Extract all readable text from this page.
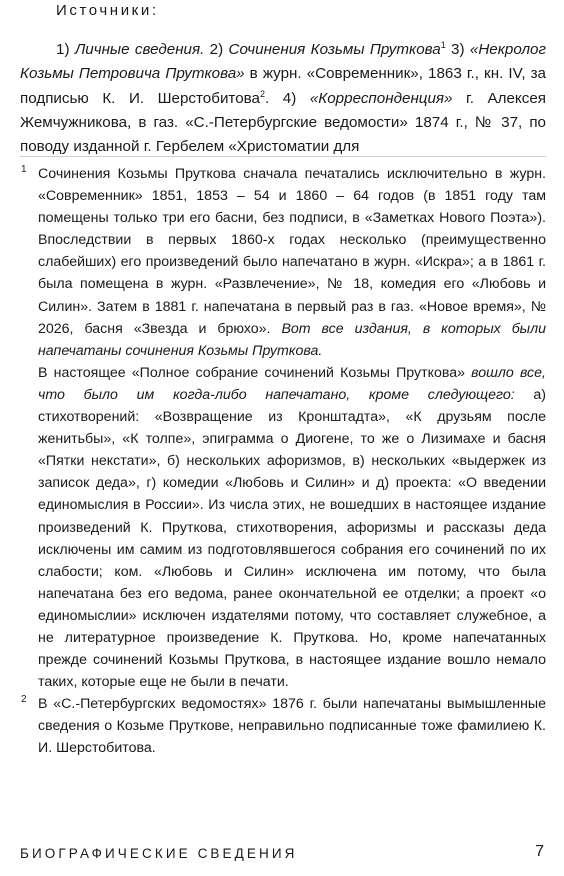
Источники:

1) Личные сведения. 2) Сочинения Козьмы Пруткова$^1$ 3) «Некролог Козьмы Петровича Пруткова» в журн. «Современник», 1863 г., кн. IV, за подписью К. И. Шерстобитова$^2$. 4) «Корреспонденция» г. Алексея Жемчужникова, в газ. «С.-Петербургские ведомости» 1874 г., № 37, по поводу изданной г. Гербелем «Христоматии для

1 Сочинения Козьмы Пруткова сначала печатались исключительно в журн. «Современник» 1851, 1853 – 54 и 1860 – 64 годов (в 1851 году там помещены только три его басни, без подписи, в «Заметках Нового Поэта»). Впоследствии в первых 1860-х годах несколько (преимущественно слабейших) его произведений было напечатано в журн. «Искра»; а в 1861 г. была помещена в журн. «Развлечение», № 18, комедия его «Любовь и Силин». Затем в 1881 г. напечатана в первый раз в газ. «Новое время», № 2026, басня «Звезда и брюхо». Вот все издания, в которых были напечатаны сочинения Козьмы Пруткова.

В настоящее «Полное собрание сочинений Козьмы Пруткова» вошло все, что было им когда-либо напечатано, кроме следующего: а) стихотворений: «Возвращение из Кронштадта», «К друзьям после женитьбы», «К толпе», эпиграмма о Диогене, то же о Лизимахе и басня «Пятки некстати», б) нескольких афоризмов, в) нескольких «выдержек из записок деда», г) комедии «Любовь и Силин» и д) проекта: «О введении единомыслия в России». Из числа этих, не вошедших в настоящее издание произведений К. Пруткова, стихотворения, афоризмы и рассказы деда исключены им самим из подготовлявшегося собрания его сочинений по их слабости; ком. «Любовь и Силин» исключена им потому, что была напечатана без его ведома, ранее окончательной ее отделки; а проект «о единомыслии» исключен издателями потому, что составляет служебное, а не литературное произведение К. Пруткова. Но, кроме напечатанных прежде сочинений Козьмы Пруткова, в настоящее издание вошло немало таких, которые еще не были в печати.

2 В «С.-Петербургских ведомостях» 1876 г. были напечатаны вымышленные сведения о Козьме Пруткове, неправильно подписанные тоже фамилиею К. И. Шерстобитова.

БИОГРАФИЧЕСКИЕ СВЕДЕНИЯ	7
